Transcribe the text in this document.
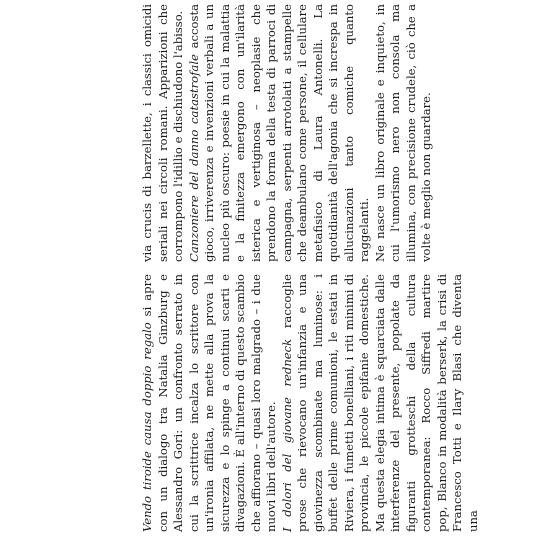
Vendo tiroide causa doppio regalo si apre con un dialogo tra Natalia Ginzburg e Alessandro Gori: un confronto serrato in cui la scrittrice incalza lo scrittore con un'ironia affilata, ne mette alla prova la sicurezza e lo spinge a continui scarti e divagazioni. È all'interno di questo scambio che affiorano – quasi loro malgrado – i due nuovi libri dell'autore. I dolori del giovane redneck raccoglie prose che rievocano un'infanzia e una giovinezza scombinate ma luminose: i buffet delle prime comunioni, le estati in Riviera, i fumetti bonelliani, i riti minimi di provincia, le piccole epifanie domestiche. Ma questa elegia intima è squarciata dalle interferenze del presente, popolate da figuranti grotteschi della cultura contemporanea: Rocco Siffredi martire pop, Blanco in modalità berserk, la crisi di Francesco Totti e Ilary Blasi che diventa una

via crucis di barzellette, i classici omicidi seriali nei circoli romani. Apparizioni che corrompono l'idillio e dischiudono l'abisso. Canzoniere del danno catastrofale accosta gioco, irriverenza e invenzioni verbali a un nucleo più oscuro: poesie in cui la malattia e la finitezza emergono con un'ilarità isterica e vertiginosa – neoplasie che prendono la forma della testa di parroci di campagna, serpenti arrotolati a stampelle che deambulano come persone, il cellulare metafisico di Laura Antonelli. La quotidianità dell'agonia che si increspa in allucinazioni tanto comiche quanto raggelanti. Ne nasce un libro originale e inquieto, in cui l'umorismo nero non consola ma illumina, con precisione crudele, ciò che a volte è meglio non guardare.
